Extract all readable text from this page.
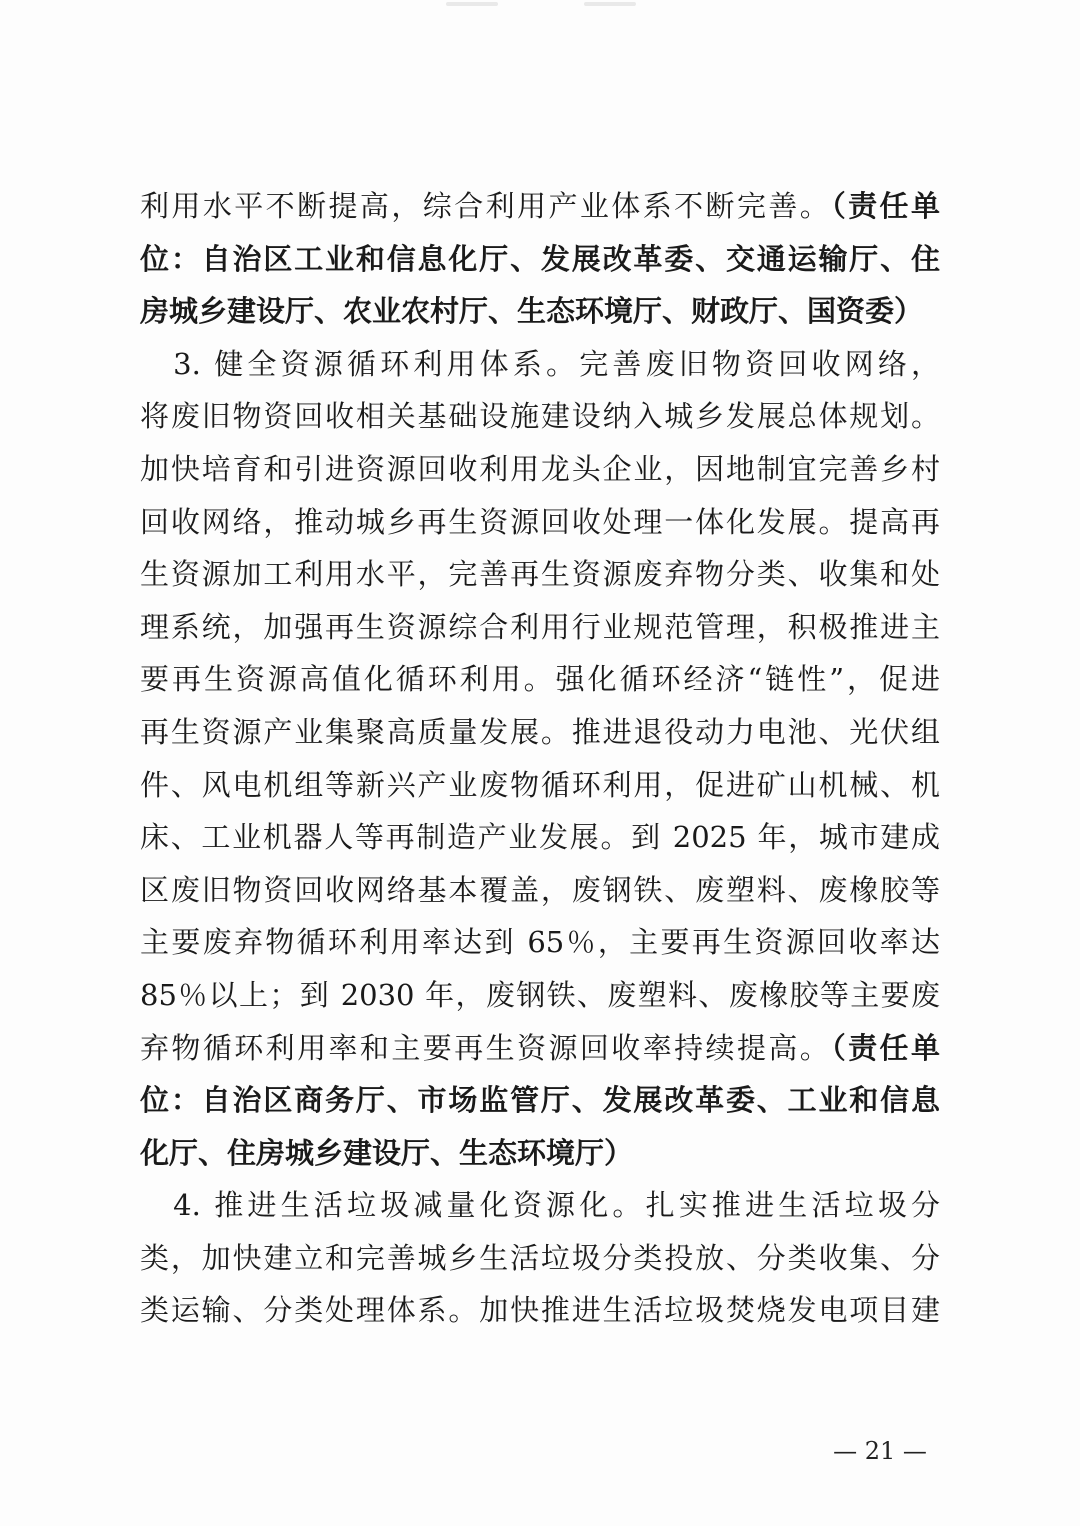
利用水平不断提高，综合利用产业体系不断完善。（责任单
位：自治区工业和信息化厅、发展改革委、交通运输厅、住
房城乡建设厅、农业农村厅、生态环境厅、财政厅、国资委）
　3. 健全资源循环利用体系。完善废旧物资回收网络，
将废旧物资回收相关基础设施建设纳入城乡发展总体规划。
加快培育和引进资源回收利用龙头企业，因地制宜完善乡村
回收网络，推动城乡再生资源回收处理一体化发展。提高再
生资源加工利用水平，完善再生资源废弃物分类、收集和处
理系统，加强再生资源综合利用行业规范管理，积极推进主
要再生资源高值化循环利用。强化循环经济“链性”，促进
再生资源产业集聚高质量发展。推进退役动力电池、光伏组
件、风电机组等新兴产业废物循环利用，促进矿山机械、机
床、工业机器人等再制造产业发展。到 2025 年，城市建成
区废旧物资回收网络基本覆盖，废钢铁、废塑料、废橡胶等
主要废弃物循环利用率达到 65％，主要再生资源回收率达
85％以上；到 2030 年，废钢铁、废塑料、废橡胶等主要废
弃物循环利用率和主要再生资源回收率持续提高。（责任单
位：自治区商务厅、市场监管厅、发展改革委、工业和信息
化厅、住房城乡建设厅、生态环境厅）
　4. 推进生活垃圾减量化资源化。扎实推进生活垃圾分
类，加快建立和完善城乡生活垃圾分类投放、分类收集、分
类运输、分类处理体系。加快推进生活垃圾焚烧发电项目建
— 21 —
